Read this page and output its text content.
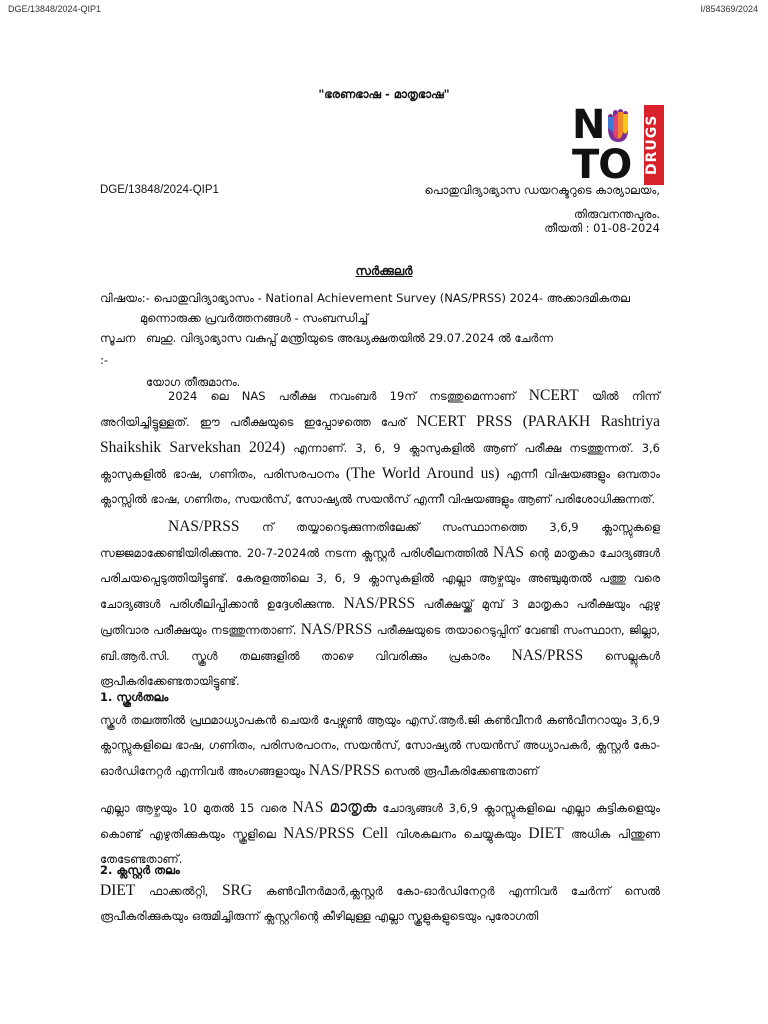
DGE/13848/2024-QIP1	I/854369/2024
"ഭരണഭാഷ - മാതൃഭാഷ"
N
TO DRUGS
DGE/13848/2024-QIP1	പൊതുവിദ്യാഭ്യാസ ഡയറക്ടറുടെ കാര്യാലയം,
തിരുവനന്തപുരം.
തീയതി : 01-08-2024
സർക്കുലർ
വിഷയം:- പൊതുവിദ്യാഭ്യാസം - National Achievement Survey (NAS/PRSS) 2024- അക്കാദമികതല
മുന്നൊരുക്ക പ്രവർത്തനങ്ങൾ - സംബന്ധിച്ച്
സൂചന :-
ബഹു. വിദ്യാഭ്യാസ വകുപ്പ് മന്ത്രിയുടെ അദ്ധ്യക്ഷതയിൽ 29.07.2024 ൽ ചേർന്ന
യോഗ തീരുമാനം.
2024 ലെ NAS പരീക്ഷ നവംബർ 19ന് നടത്തുമെന്നാണ് NCERT യിൽ നിന്ന് അറിയിച്ചിട്ടുള്ളത്. ഈ പരീക്ഷയുടെ ഇപ്പോഴത്തെ പേര് NCERT PRSS (PARAKH Rashtriya Shaikshik Sarvekshan 2024) എന്നാണ്. 3, 6, 9 ക്ലാസുകളിൽ ആണ് പരീക്ഷ നടത്തുന്നത്. 3,6 ക്ലാസുകളിൽ ഭാഷ, ഗണിതം, പരിസരപഠനം (The World Around us) എന്നീ വിഷയങ്ങളും ഒമ്പതാം ക്ലാസ്സിൽ ഭാഷ, ഗണിതം, സയൻസ്, സോഷ്യൽ സയൻസ് എന്നീ വിഷയങ്ങളും ആണ് പരിശോധിക്കുന്നത്.
NAS/PRSS ന് തയ്യാറെടുക്കുന്നതിലേക്ക് സംസ്ഥാനത്തെ 3,6,9 ക്ലാസ്സുകളെ സജ്ജമാക്കേണ്ടിയിരിക്കുന്നു. 20-7-2024ൽ നടന്ന ക്ലസ്റ്റർ പരിശീലനത്തിൽ NAS ന്റെ മാതൃകാ ചോദ്യങ്ങൾ പരിചയപ്പെടുത്തിയിട്ടുണ്ട്. കേരളത്തിലെ 3, 6, 9 ക്ലാസുകളിൽ എല്ലാ ആഴ്ചയും അഞ്ചുമുതൽ പത്തു വരെ ചോദ്യങ്ങൾ പരിശീലിപ്പിക്കാൻ ഉദ്ദേശിക്കുന്നു. NAS/PRSS പരീക്ഷയ്ക്ക് മുമ്പ് 3 മാതൃകാ പരീക്ഷയും ഏഴു പ്രതിവാര പരീക്ഷയും നടത്തുന്നതാണ്. NAS/PRSS പരീക്ഷയുടെ തയാറെടുപ്പിന് വേണ്ടി സംസ്ഥാന, ജില്ലാ, ബി.ആർ.സി. സ്കൂൾ തലങ്ങളിൽ താഴെ വിവരിക്കും പ്രകാരം NAS/PRSS സെല്ലുകൾ രൂപീകരിക്കേണ്ടതായിട്ടുണ്ട്.
1. സ്കൂൾതലം
സ്കൂൾ തലത്തിൽ പ്രഥമാധ്യാപകൻ ചെയർ പേഴ്സൺ ആയും എസ്.ആർ.ജി കൺവീനർ കൺവീനറായും 3,6,9 ക്ലാസ്സുകളിലെ ഭാഷ, ഗണിതം, പരിസരപഠനം, സയൻസ്, സോഷ്യൽ സയൻസ് അധ്യാപകർ, ക്ലസ്റ്റർ കോ-ഓർഡിനേറ്റർ എന്നിവർ അംഗങ്ങളായും NAS/PRSS സെൽ രൂപീകരിക്കേണ്ടതാണ്
എല്ലാ ആഴ്ചയും 10 മുതൽ 15 വരെ NAS മാതൃക ചോദ്യങ്ങൾ 3,6,9 ക്ലാസ്സുകളിലെ എല്ലാ കുട്ടികളെയും കൊണ്ട് എഴുതിക്കുകയും സ്കൂളിലെ NAS/PRSS Cell വിശകലനം ചെയ്യുകയും DIET അധിക പിന്തുണ തേടേണ്ടതാണ്.
2. ക്ലസ്റ്റർ തലം
DIET ഫാക്കൽറ്റി, SRG കൺവീനർമാർ,ക്ലസ്റ്റർ കോ-ഓർഡിനേറ്റർ എന്നിവർ ചേർന്ന് സെൽ രൂപീകരിക്കുകയും ഒരുമിച്ചിരുന്ന് ക്ലസ്റ്ററിന്റെ കീഴിലുള്ള എല്ലാ സ്കൂളുകളുടെയും പുരോഗതി
